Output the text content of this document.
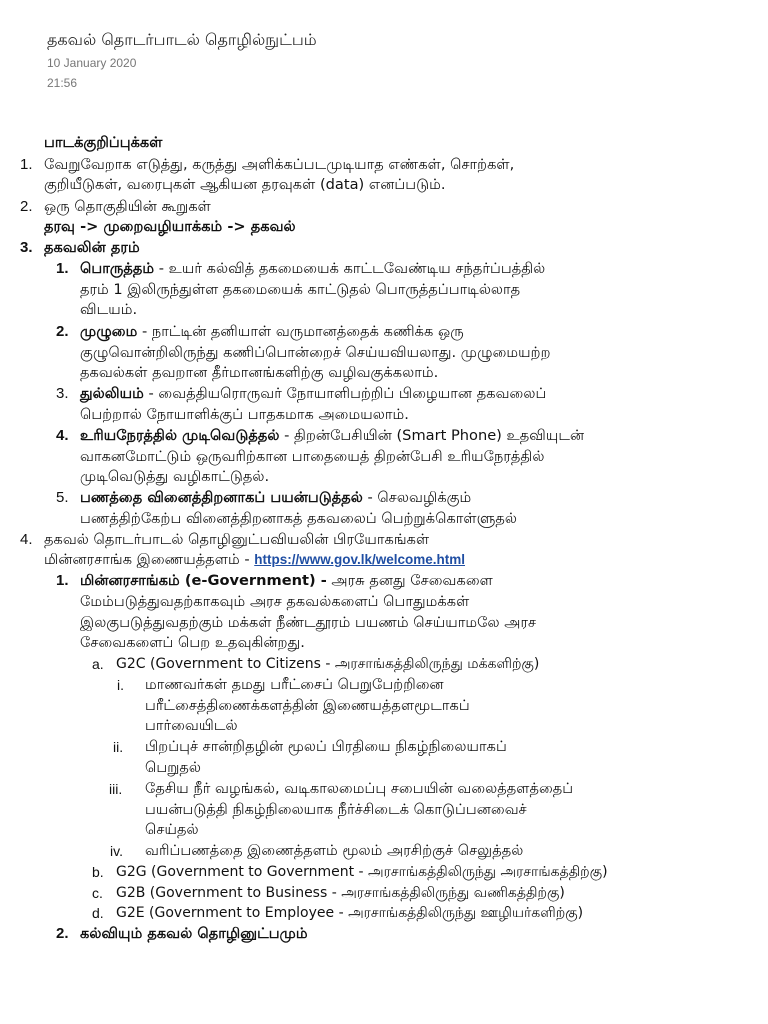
தகவல் தொடர்பாடல் தொழில்நுட்பம்
10 January 2020
21:56
பாடக்குறிப்புக்கள்
1. வேறுவேறாக எடுத்து, கருத்து அளிக்கப்படமுடியாத எண்கள், சொற்கள்,
குறியீடுகள், வரைபுகள் ஆகியன தரவுகள் (data) எனப்படும்.
2. ஒரு தொகுதியின் கூறுகள்
தரவு -> முறைவழியாக்கம் -> தகவல்
3. தகவலின் தரம்
1. பொருத்தம் - உயர் கல்வித் தகமையைக் காட்டவேண்டிய சந்தர்ப்பத்தில்
தரம் 1 இலிருந்துள்ள தகமையைக் காட்டுதல் பொருத்தப்பாடில்லாத
விடயம்.
2. முழுமை - நாட்டின் தனியாள் வருமானத்தைக் கணிக்க ஒரு
குழுவொன்றிலிருந்து கணிப்பொன்றைச் செய்யவியலாது. முழுமையற்ற
தகவல்கள் தவறான தீர்மானங்களிற்கு வழிவகுக்கலாம்.
3. துல்லியம் - வைத்தியரொருவர் நோயாளிபற்றிப் பிழையான தகவலைப்
பெற்றால் நோயாளிக்குப் பாதகமாக அமையலாம்.
4. உரியநேரத்தில் முடிவெடுத்தல் - திறன்பேசியின் (Smart Phone) உதவியுடன்
வாகனமோட்டும் ஒருவரிற்கான பாதையைத் திறன்பேசி உரியநேரத்தில்
முடிவெடுத்து வழிகாட்டுதல்.
5. பணத்தை வினைத்திறனாகப் பயன்படுத்தல் - செலவழிக்கும்
பணத்திற்கேற்ப வினைத்திறனாகத் தகவலைப் பெற்றுக்கொள்ளுதல்
4. தகவல் தொடர்பாடல் தொழினுட்பவியலின் பிரயோகங்கள்
மின்னரசாங்க இணையத்தளம் - https://www.gov.lk/welcome.html
1. மின்னரசாங்கம் (e-Government) - அரசு தனது சேவைகளை
மேம்படுத்துவதற்காகவும் அரச தகவல்களைப் பொதுமக்கள்
இலகுபடுத்துவதற்கும் மக்கள் நீண்டதூரம் பயணம் செய்யாமலே அரச
சேவைகளைப் பெற உதவுகின்றது.
a. G2C (Government to Citizens - அரசாங்கத்திலிருந்து மக்களிற்கு)
i. மாணவர்கள் தமது பரீட்சைப் பெறுபேற்றினை
பரீட்சைத்திணைக்களத்தின் இணையத்தளமூடாகப்
பார்வையிடல்
ii. பிறப்புச் சான்றிதழின் மூலப் பிரதியை நிகழ்நிலையாகப்
பெறுதல்
iii. தேசிய நீர் வழங்கல், வடிகாலமைப்பு சபையின் வலைத்தளத்தைப்
பயன்படுத்தி நிகழ்நிலையாக நீர்ச்சிடைக் கொடுப்பனவைச்
செய்தல்
iv. வரிப்பணத்தை இணைத்தளம் மூலம் அரசிற்குச் செலுத்தல்
b. G2G (Government to Government - அரசாங்கத்திலிருந்து அரசாங்கத்திற்கு)
c. G2B (Government to Business - அரசாங்கத்திலிருந்து வணிகத்திற்கு)
d. G2E (Government to Employee - அரசாங்கத்திலிருந்து ஊழியர்களிற்கு)
2. கல்வியும் தகவல் தொழினுட்பமும்
